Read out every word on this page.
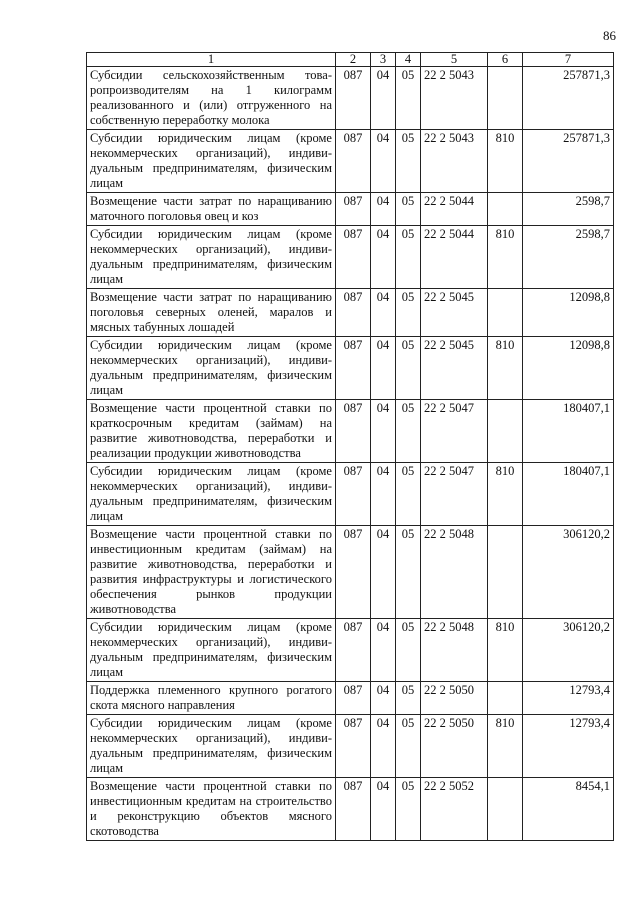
86
1	2	3	4	5	6	7
Субсидии сельскохозяйственным товаропроизводителям на 1 килограмм реализованного и (или) отгруженного на собственную переработку молока	087	04	05	22 2 5043		257871,3
Субсидии юридическим лицам (кроме некоммерческих организаций), индивидуальным предпринимателям, физическим лицам	087	04	05	22 2 5043	810	257871,3
Возмещение части затрат по наращиванию маточного поголовья овец и коз	087	04	05	22 2 5044		2598,7
Субсидии юридическим лицам (кроме некоммерческих организаций), индивидуальным предпринимателям, физическим лицам	087	04	05	22 2 5044	810	2598,7
Возмещение части затрат по наращиванию поголовья северных оленей, маралов и мясных табунных лошадей	087	04	05	22 2 5045		12098,8
Субсидии юридическим лицам (кроме некоммерческих организаций), индивидуальным предпринимателям, физическим лицам	087	04	05	22 2 5045	810	12098,8
Возмещение части процентной ставки по краткосрочным кредитам (займам) на развитие животноводства, переработки и реализации продукции животноводства	087	04	05	22 2 5047		180407,1
Субсидии юридическим лицам (кроме некоммерческих организаций), индивидуальным предпринимателям, физическим лицам	087	04	05	22 2 5047	810	180407,1
Возмещение части процентной ставки по инвестиционным кредитам (займам) на развитие животноводства, переработки и развития инфраструктуры и логистического обеспечения рынков продукции животноводства	087	04	05	22 2 5048		306120,2
Субсидии юридическим лицам (кроме некоммерческих организаций), индивидуальным предпринимателям, физическим лицам	087	04	05	22 2 5048	810	306120,2
Поддержка племенного крупного рогатого скота мясного направления	087	04	05	22 2 5050		12793,4
Субсидии юридическим лицам (кроме некоммерческих организаций), индивидуальным предпринимателям, физическим лицам	087	04	05	22 2 5050	810	12793,4
Возмещение части процентной ставки по инвестиционным кредитам на строительство и реконструкцию объектов мясного скотоводства	087	04	05	22 2 5052		8454,1
